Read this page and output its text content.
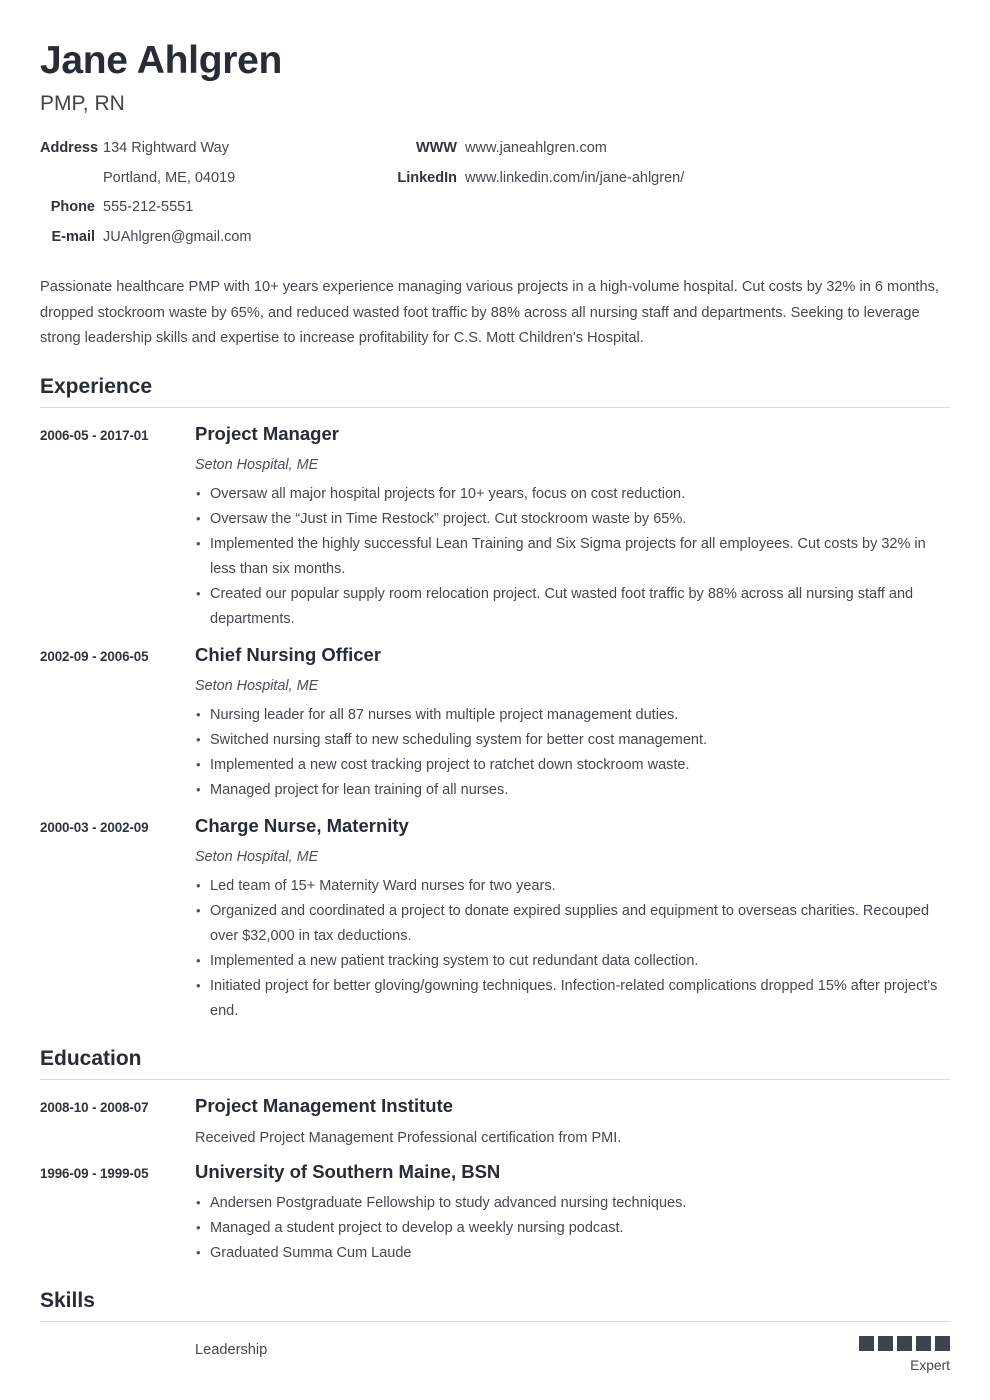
Jane Ahlgren
PMP, RN
Address 134 Rightward Way
Portland, ME, 04019
Phone 555-212-5551
E-mail JUAhlgren@gmail.com
WWW www.janeahlgren.com
LinkedIn www.linkedin.com/in/jane-ahlgren/
Passionate healthcare PMP with 10+ years experience managing various projects in a high-volume hospital. Cut costs by 32% in 6 months, dropped stockroom waste by 65%, and reduced wasted foot traffic by 88% across all nursing staff and departments. Seeking to leverage strong leadership skills and expertise to increase profitability for C.S. Mott Children's Hospital.
Experience
2006-05 - 2017-01	Project Manager
Seton Hospital, ME
• Oversaw all major hospital projects for 10+ years, focus on cost reduction.
• Oversaw the “Just in Time Restock” project. Cut stockroom waste by 65%.
• Implemented the highly successful Lean Training and Six Sigma projects for all employees. Cut costs by 32% in less than six months.
• Created our popular supply room relocation project. Cut wasted foot traffic by 88% across all nursing staff and departments.
2002-09 - 2006-05	Chief Nursing Officer
Seton Hospital, ME
• Nursing leader for all 87 nurses with multiple project management duties.
• Switched nursing staff to new scheduling system for better cost management.
• Implemented a new cost tracking project to ratchet down stockroom waste.
• Managed project for lean training of all nurses.
2000-03 - 2002-09	Charge Nurse, Maternity
Seton Hospital, ME
• Led team of 15+ Maternity Ward nurses for two years.
• Organized and coordinated a project to donate expired supplies and equipment to overseas charities. Recouped over $32,000 in tax deductions.
• Implemented a new patient tracking system to cut redundant data collection.
• Initiated project for better gloving/gowning techniques. Infection-related complications dropped 15% after project's end.
Education
2008-10 - 2008-07	Project Management Institute
Received Project Management Professional certification from PMI.
1996-09 - 1999-05	University of Southern Maine, BSN
• Andersen Postgraduate Fellowship to study advanced nursing techniques.
• Managed a student project to develop a weekly nursing podcast.
• Graduated Summa Cum Laude
Skills
Leadership
Expert
